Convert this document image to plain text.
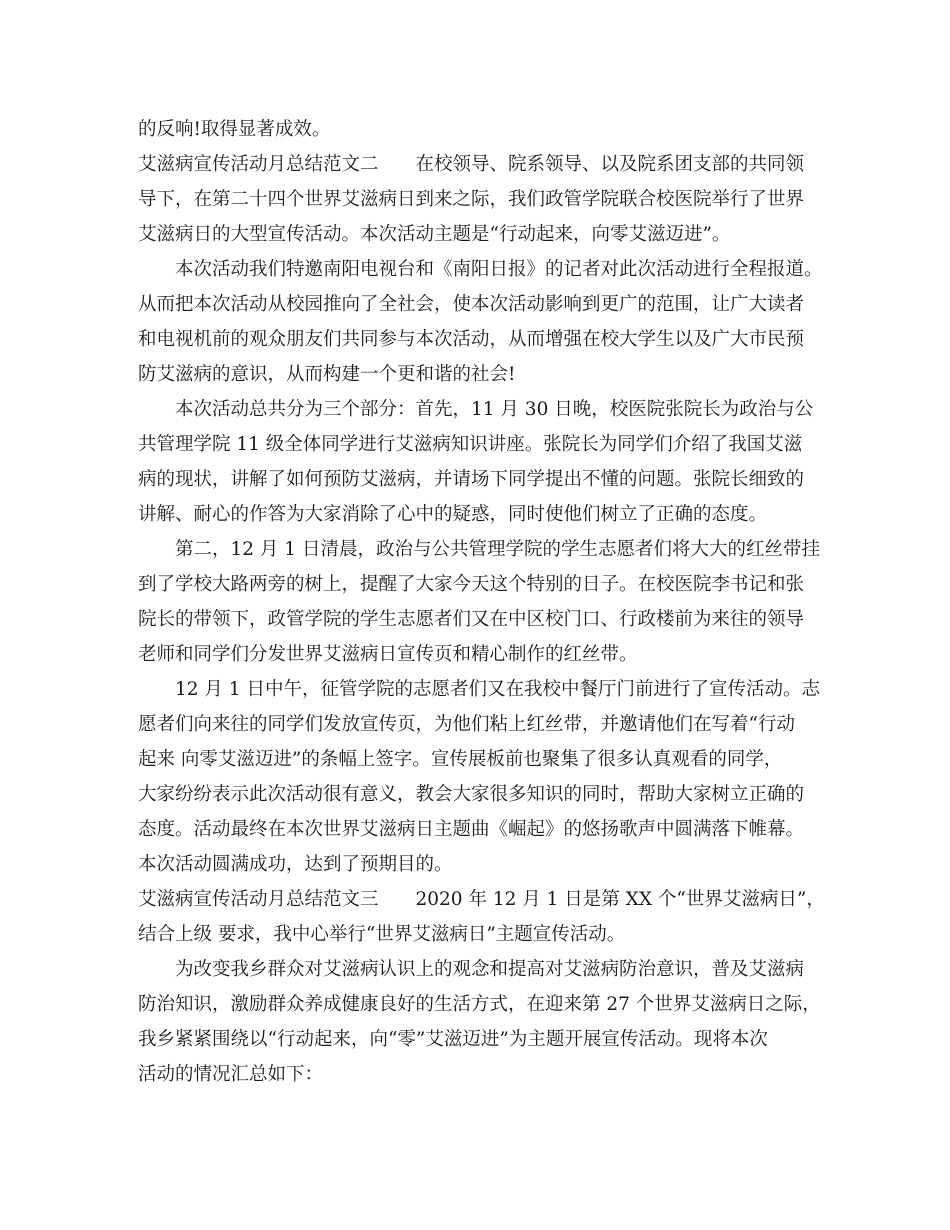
的反响!取得显著成效。
艾滋病宣传活动月总结范文二　　在校领导、院系领导、以及院系团支部的共同领
导下，在第二十四个世界艾滋病日到来之际，我们政管学院联合校医院举行了世界
艾滋病日的大型宣传活动。本次活动主题是“行动起来，向零艾滋迈进”。
本次活动我们特邀南阳电视台和《南阳日报》的记者对此次活动进行全程报道。
从而把本次活动从校园推向了全社会，使本次活动影响到更广的范围，让广大读者
和电视机前的观众朋友们共同参与本次活动，从而增强在校大学生以及广大市民预
防艾滋病的意识，从而构建一个更和谐的社会!
本次活动总共分为三个部分：首先，11 月 30 日晚，校医院张院长为政治与公
共管理学院 11 级全体同学进行艾滋病知识讲座。张院长为同学们介绍了我国艾滋
病的现状，讲解了如何预防艾滋病，并请场下同学提出不懂的问题。张院长细致的
讲解、耐心的作答为大家消除了心中的疑惑，同时使他们树立了正确的态度。
第二，12 月 1 日清晨，政治与公共管理学院的学生志愿者们将大大的红丝带挂
到了学校大路两旁的树上，提醒了大家今天这个特别的日子。在校医院李书记和张
院长的带领下，政管学院的学生志愿者们又在中区校门口、行政楼前为来往的领导
老师和同学们分发世界艾滋病日宣传页和精心制作的红丝带。
12 月 1 日中午，征管学院的志愿者们又在我校中餐厅门前进行了宣传活动。志
愿者们向来往的同学们发放宣传页，为他们粘上红丝带，并邀请他们在写着“行动
起来 向零艾滋迈进”的条幅上签字。宣传展板前也聚集了很多认真观看的同学，
大家纷纷表示此次活动很有意义，教会大家很多知识的同时，帮助大家树立正确的
态度。活动最终在本次世界艾滋病日主题曲《崛起》的悠扬歌声中圆满落下帷幕。
本次活动圆满成功，达到了预期目的。
艾滋病宣传活动月总结范文三　　2020 年 12 月 1 日是第 XX 个“世界艾滋病日”，
结合上级 要求，我中心举行“世界艾滋病日”主题宣传活动。
为改变我乡群众对艾滋病认识上的观念和提高对艾滋病防治意识，普及艾滋病
防治知识，激励群众养成健康良好的生活方式，在迎来第 27 个世界艾滋病日之际，
我乡紧紧围绕以“行动起来，向“零”艾滋迈进”为主题开展宣传活动。现将本次
活动的情况汇总如下：
